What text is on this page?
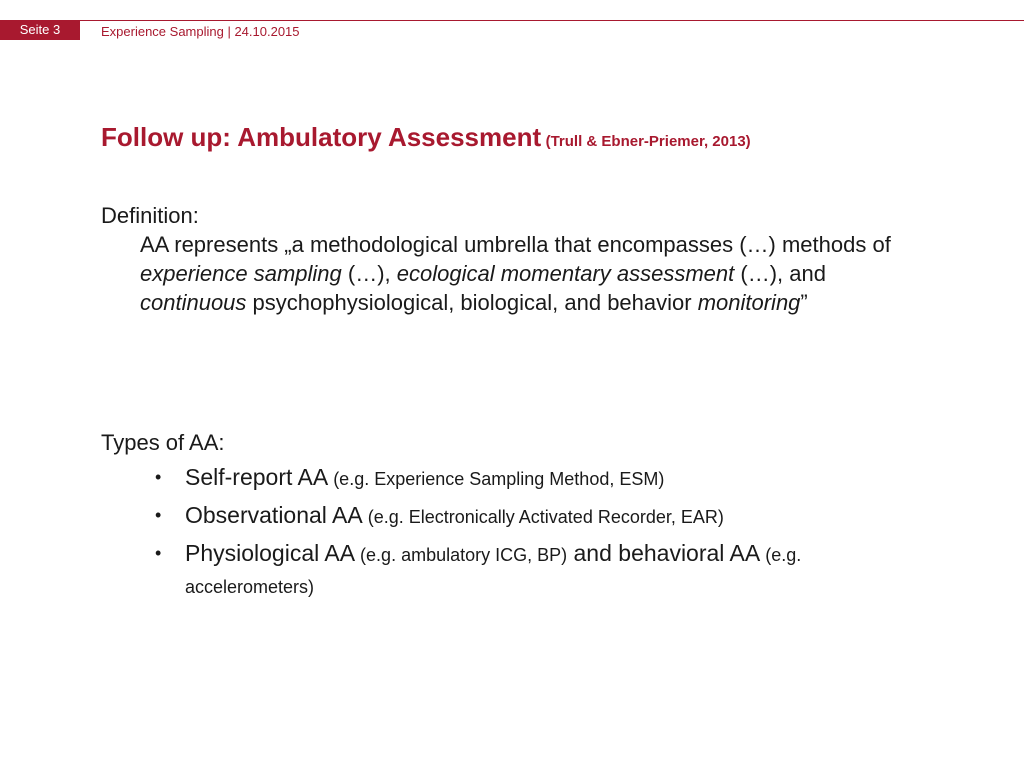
Seite 3	Experience Sampling | 24.10.2015
Follow up: Ambulatory Assessment (Trull & Ebner-Priemer, 2013)
Definition:
AA represents „a methodological umbrella that encompasses (…) methods of experience sampling (…), ecological momentary assessment (…), and continuous psychophysiological, biological, and behavior monitoring”
Types of AA:
• Self-report AA (e.g. Experience Sampling Method, ESM)
• Observational AA (e.g. Electronically Activated Recorder, EAR)
• Physiological AA (e.g. ambulatory ICG, BP) and behavioral AA (e.g. accelerometers)
